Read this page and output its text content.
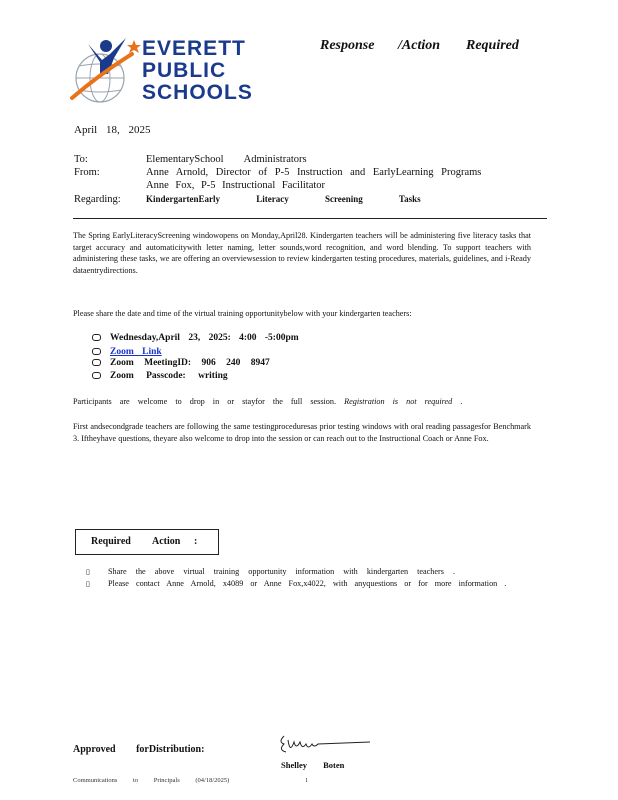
EVERETT
PUBLIC
SCHOOLS
Response /Action Required
April 18, 2025
To:	ElementarySchool Administrators
From:	Anne Arnold, Director of P-5 Instruction and EarlyLearning Programs
Anne Fox, P-5 Instructional Facilitator
Regarding:	KindergartenEarly Literacy Screening Tasks
The Spring EarlyLiteracyScreening windowopens on Monday,April28. Kindergarten teachers will be administering five literacy tasks that target accuracy and automaticitywith letter naming, letter sounds,word recognition, and word blending. To support teachers with administering these tasks, we are offering an overviewsession to review kindergarten testing procedures, materials, guidelines, and i-Ready dataentrydirections.
Please share the date and time of the virtual training opportunitybelow with your kindergarten teachers:
Wednesday,April 23, 2025: 4:00 -5:00pm
Zoom Link
Zoom MeetingID: 906 240 8947
Zoom Passcode: writing
Participants are welcome to drop in or stayfor the full session. Registration is not required .
First andsecondgrade teachers are following the same testingproceduresas prior testing windows with oral reading passagesfor Benchmark 3. Iftheyhave questions, theyare also welcome to drop into the session or can reach out to the Instructional Coach or Anne Fox.
Required Action :
▯ Share the above virtual training opportunity information with kindergarten teachers .
▯ Please contact Anne Arnold, x4089 or Anne Fox,x4022, with anyquestions or for more information .
Approved forDistribution:
Shelley Boten
Communications to Principals (04/18/2025)	1
